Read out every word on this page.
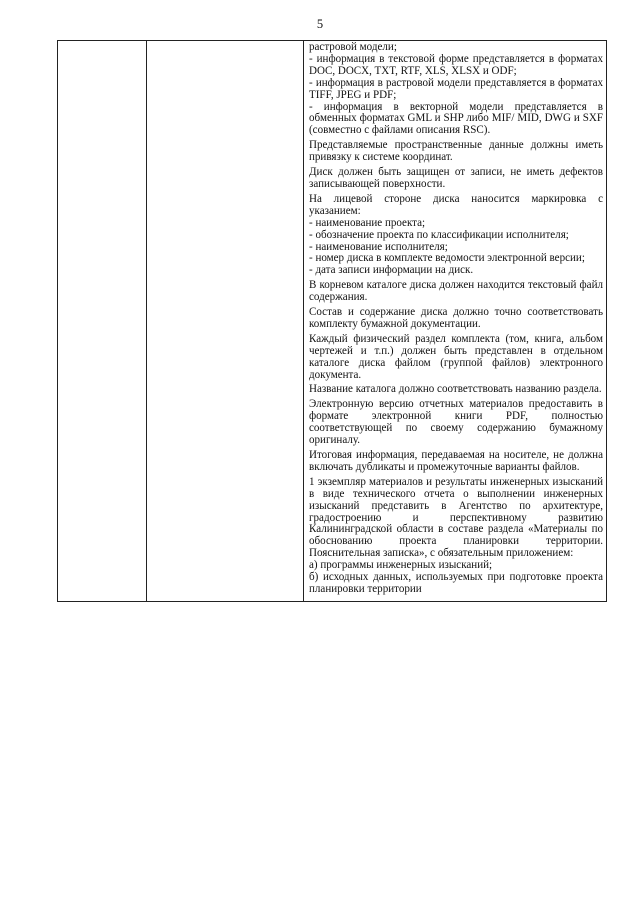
5

растровой модели;
- информация в текстовой форме представляется в форматах DOC, DOCX, TXT, RTF, XLS, XLSX и ODF;
- информация в растровой модели представляется в форматах TIFF, JPEG и PDF;
- информация в векторной модели представляется в обменных форматах GML и SHP либо MIF/ MID, DWG и SXF (совместно с файлами описания RSC).
Представляемые пространственные данные должны иметь привязку к системе координат.
Диск должен быть защищен от записи, не иметь дефектов записывающей поверхности.
На лицевой стороне диска наносится маркировка с указанием:
- наименование проекта;
- обозначение проекта по классификации исполнителя;
- наименование исполнителя;
- номер диска в комплекте ведомости электронной версии;
- дата записи информации на диск.
В корневом каталоге диска должен находится текстовый файл содержания.
Состав и содержание диска должно точно соответствовать комплекту бумажной документации.
Каждый физический раздел комплекта (том, книга, альбом чертежей и т.п.) должен быть представлен в отдельном каталоге диска файлом (группой файлов) электронного документа.
Название каталога должно соответствовать названию раздела.
Электронную версию отчетных материалов предоставить в формате электронной книги PDF, полностью соответствующей по своему содержанию бумажному оригиналу.
Итоговая информация, передаваемая на носителе, не должна включать дубликаты и промежуточные варианты файлов.
1 экземпляр материалов и результаты инженерных изысканий в виде технического отчета о выполнении инженерных изысканий представить в Агентство по архитектуре, градостроению и перспективному развитию Калининградской области в составе раздела «Материалы по обоснованию проекта планировки территории. Пояснительная записка», с обязательным приложением:
а) программы инженерных изысканий;
б) исходных данных, используемых при подготовке проекта планировки территории
